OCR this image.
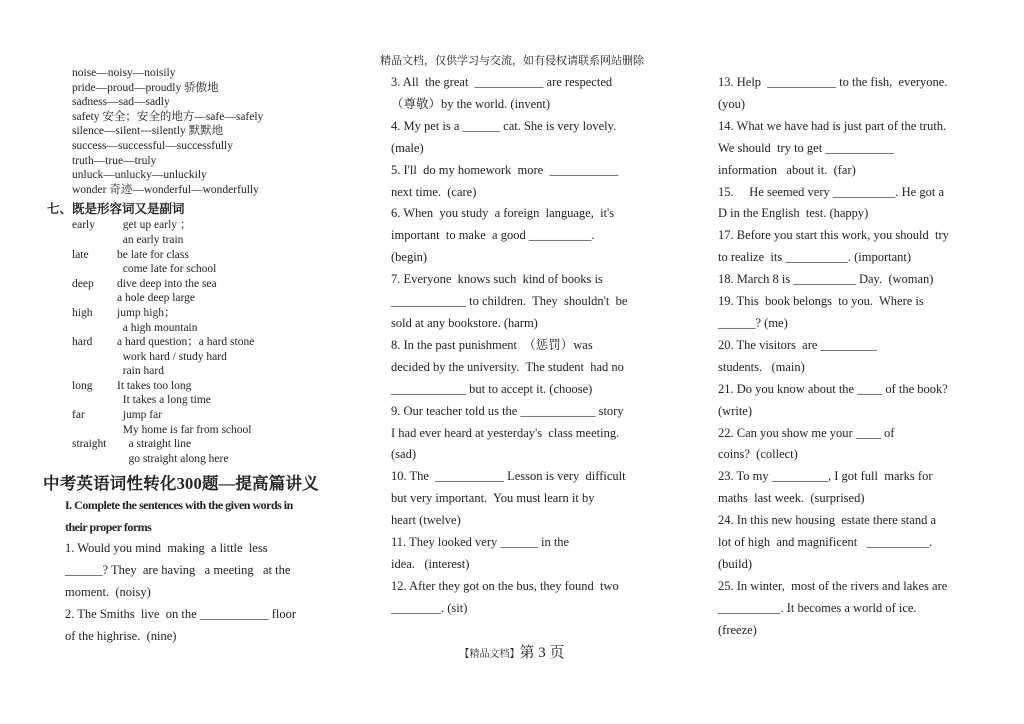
精品文档，仅供学习与交流，如有侵权请联系网站删除
noise—noisy—noisily
pride—proud—proudly 骄傲地
sadness—sad—sadly
safety 安全；安全的地方—safe—safely
silence—silent---silently 默默地
success—successful—successfully
truth—true—truly
unluck—unlucky—unluckily
wonder 奇迹—wonderful—wonderfully
七、既是形容词又是副词
early get up early ；
an early train
late be late for class
come late for school
deep dive deep into the sea
a hole deep large
high jump high；
a high mountain
hard a hard question；a hard stone
work hard / study hard
rain hard
long It takes too long
It takes a long time
far	jump far
My home is far from school
straight a straight line
go straight along here
中考英语词性转化300题—提高篇讲义
I. Complete the sentences with the given words in
their proper forms
1. Would you mind  making  a little  less
______? They  are having   a meeting   at the
moment.  (noisy)
2. The Smiths  live  on the ___________ floor
of the highrise.  (nine)
3. All  the great  ___________ are respected
（尊敬）by the world. (invent)
4. My pet is a ______ cat. She is very lovely.
(male)
5. I'll  do my homework  more  ___________
next time.  (care)
6. When  you study  a foreign  language,  it's
important  to make  a good __________.
(begin)
7. Everyone  knows such  kind of books is
____________ to children.  They  shouldn't  be
sold at any bookstore. (harm)
8. In the past punishment  （惩罚）was
decided by the university.  The student  had no
____________ but to accept it. (choose)
9. Our teacher told us the ____________ story
I had ever heard at yesterday's  class meeting.
(sad)
10. The  ___________ Lesson is very  difficult
but very important.  You must learn it by
heart (twelve)
11. They looked very ______ in the
idea.   (interest)
12. After they got on the bus, they found  two
________. (sit)
13. Help  ___________ to the fish,  everyone.
(you)
14. What we have had is just part of the truth.
We should  try to get ___________
information   about it.  (far)
15.     He seemed very __________. He got a
D in the English  test. (happy)
17. Before you start this work, you should  try
to realize  its __________. (important)
18. March 8 is __________ Day.  (woman)
19. This  book belongs  to you.  Where is
______? (me)
20. The visitors  are _________
students.   (main)
21. Do you know about the ____ of the book?
(write)
22. Can you show me your ____ of
coins?  (collect)
23. To my _________, I got full  marks for
maths  last week.  (surprised)
24. In this new housing  estate there stand a
lot of high  and magnificent   __________.
(build)
25. In winter,  most of the rivers and lakes are
__________. It becomes a world of ice.
(freeze)
【精品文档】第 3 页
